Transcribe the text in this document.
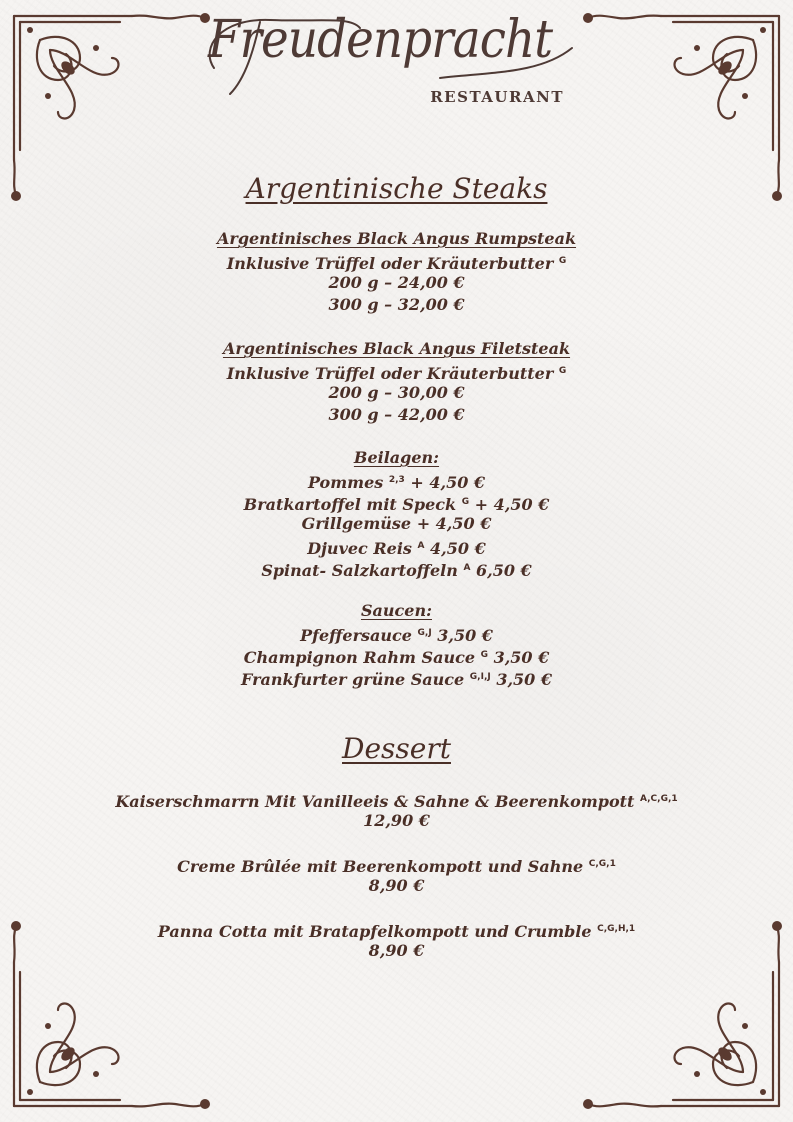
Freudenpracht
RESTAURANT
Argentinische Steaks
Argentinisches Black Angus Rumpsteak
Inklusive Trüffel oder Kräuterbutter $^G$
200 g – 24,00 €
300 g – 32,00 €
Argentinisches Black Angus Filetsteak
Inklusive Trüffel oder Kräuterbutter $^G$
200 g – 30,00 €
300 g – 42,00 €
Beilagen:
Pommes $^{2,3}$ + 4,50 €
Bratkartoffel mit Speck $^G$ + 4,50 €
Grillgemüse + 4,50 €
Djuvec Reis $^A$ 4,50 €
Spinat- Salzkartoffeln $^A$ 6,50 €
Saucen:
Pfeffersauce $^{G,J}$ 3,50 €
Champignon Rahm Sauce $^G$ 3,50 €
Frankfurter grüne Sauce $^{G,I,J}$ 3,50 €
Dessert
Kaiserschmarrn Mit Vanilleeis & Sahne & Beerenkompott $^{A,C,G,1}$
12,90 €
Creme Brûlée mit Beerenkompott und Sahne $^{C,G,1}$
8,90 €
Panna Cotta mit Bratapfelkompott und Crumble $^{C,G,H,1}$
8,90 €
